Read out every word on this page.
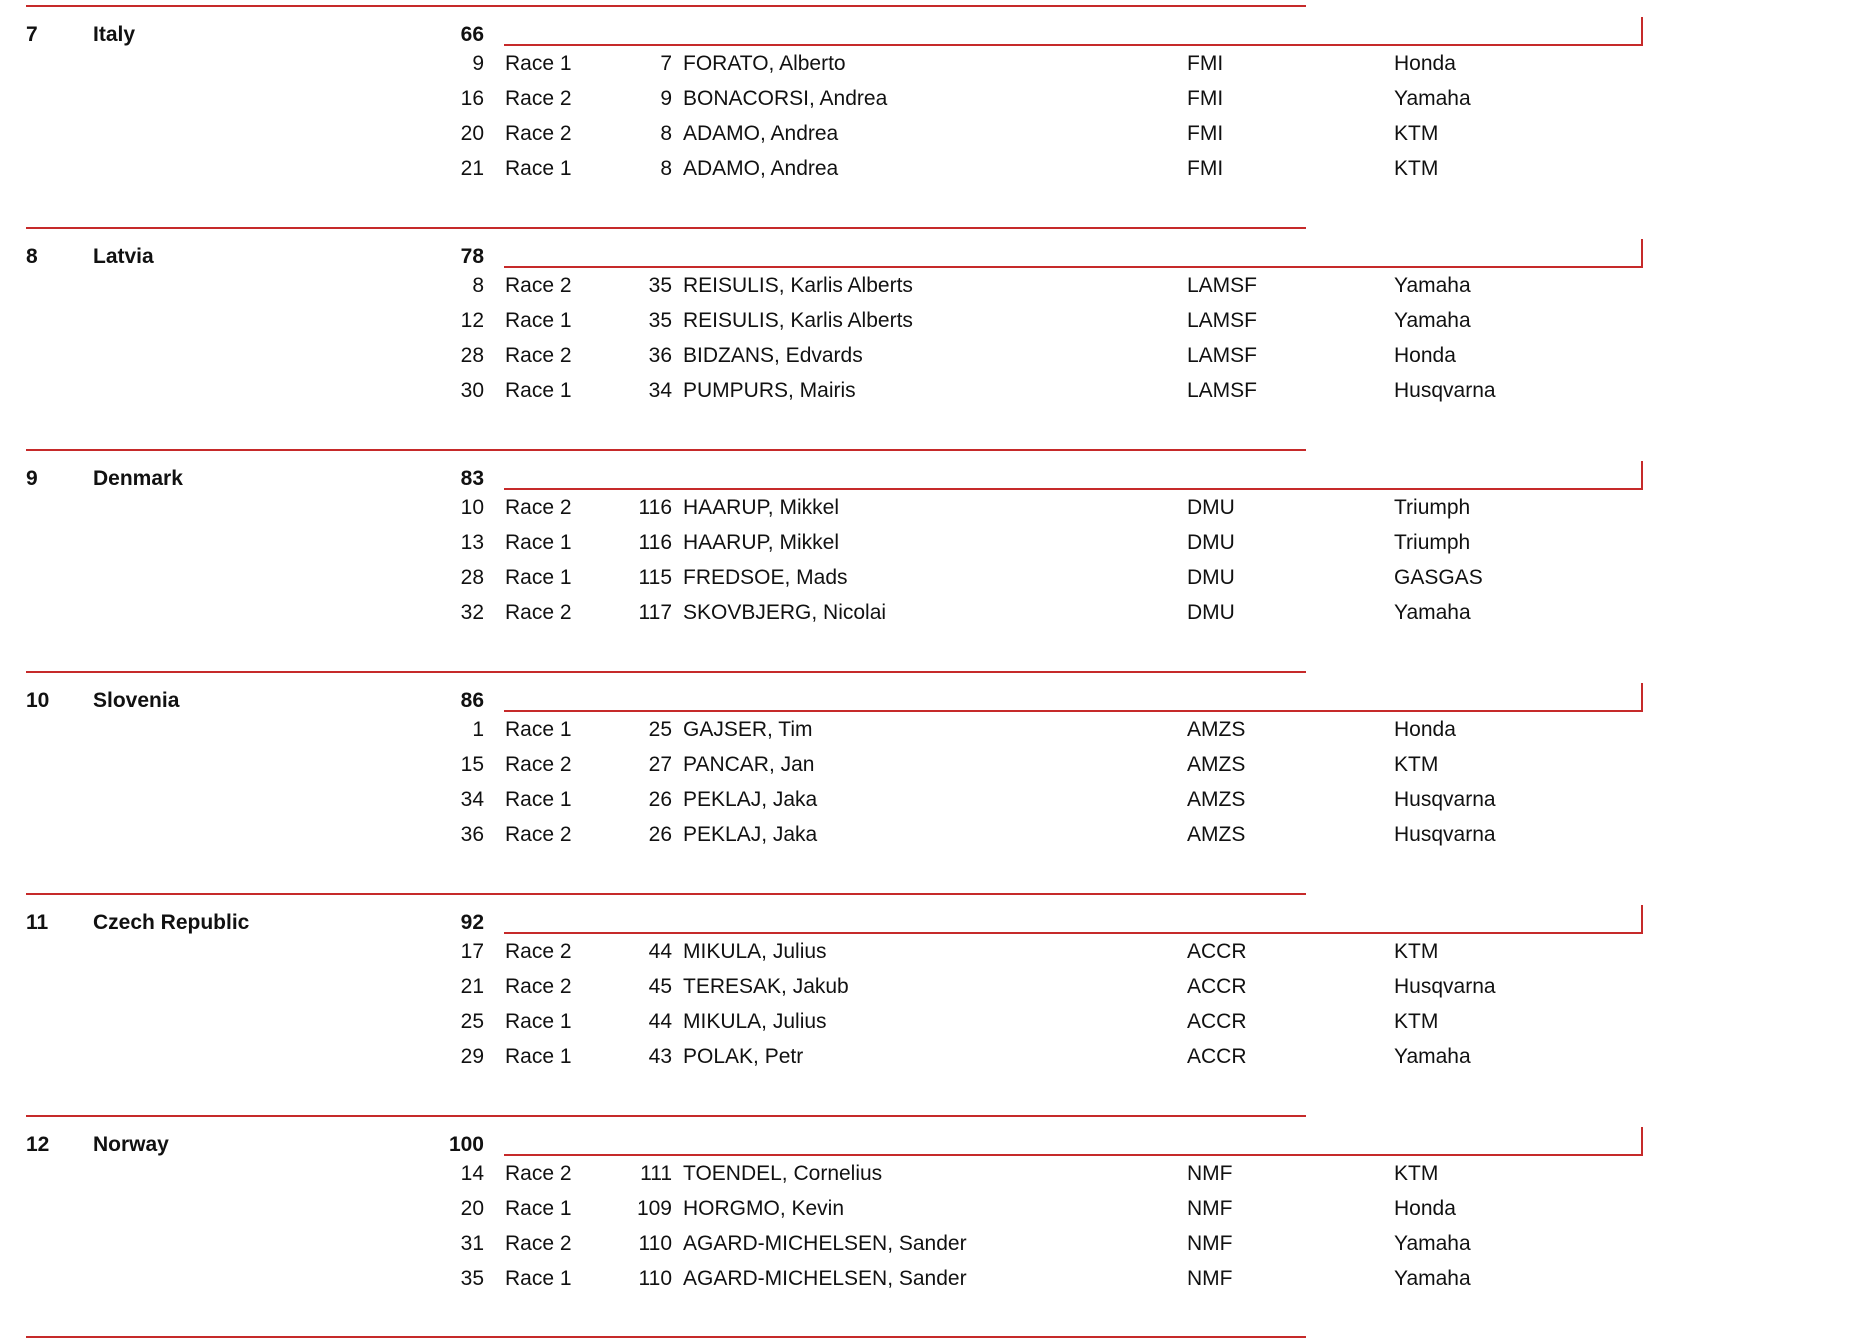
7	Italy	66
9 Race 1	7 FORATO, Alberto	FMI	Honda
16 Race 2	9 BONACORSI, Andrea	FMI	Yamaha
20 Race 2	8 ADAMO, Andrea	FMI	KTM
21 Race 1	8 ADAMO, Andrea	FMI	KTM
8	Latvia	78
8 Race 2	35 REISULIS, Karlis Alberts	LAMSF	Yamaha
12 Race 1	35 REISULIS, Karlis Alberts	LAMSF	Yamaha
28 Race 2	36 BIDZANS, Edvards	LAMSF	Honda
30 Race 1	34 PUMPURS, Mairis	LAMSF	Husqvarna
9	Denmark	83
10 Race 2	116 HAARUP, Mikkel	DMU	Triumph
13 Race 1	116 HAARUP, Mikkel	DMU	Triumph
28 Race 1	115 FREDSOE, Mads	DMU	GASGAS
32 Race 2	117 SKOVBJERG, Nicolai	DMU	Yamaha
10 Slovenia	86
1 Race 1	25 GAJSER, Tim	AMZS	Honda
15 Race 2	27 PANCAR, Jan	AMZS	KTM
34 Race 1	26 PEKLAJ, Jaka	AMZS	Husqvarna
36 Race 2	26 PEKLAJ, Jaka	AMZS	Husqvarna
11 Czech Republic	92
17 Race 2	44 MIKULA, Julius	ACCR	KTM
21 Race 2	45 TERESAK, Jakub	ACCR	Husqvarna
25 Race 1	44 MIKULA, Julius	ACCR	KTM
29 Race 1	43 POLAK, Petr	ACCR	Yamaha
12 Norway	100
14 Race 2	111 TOENDEL, Cornelius	NMF	KTM
20 Race 1	109 HORGMO, Kevin	NMF	Honda
31 Race 2	110 AGARD-MICHELSEN, Sander	NMF	Yamaha
35 Race 1	110 AGARD-MICHELSEN, Sander	NMF	Yamaha
